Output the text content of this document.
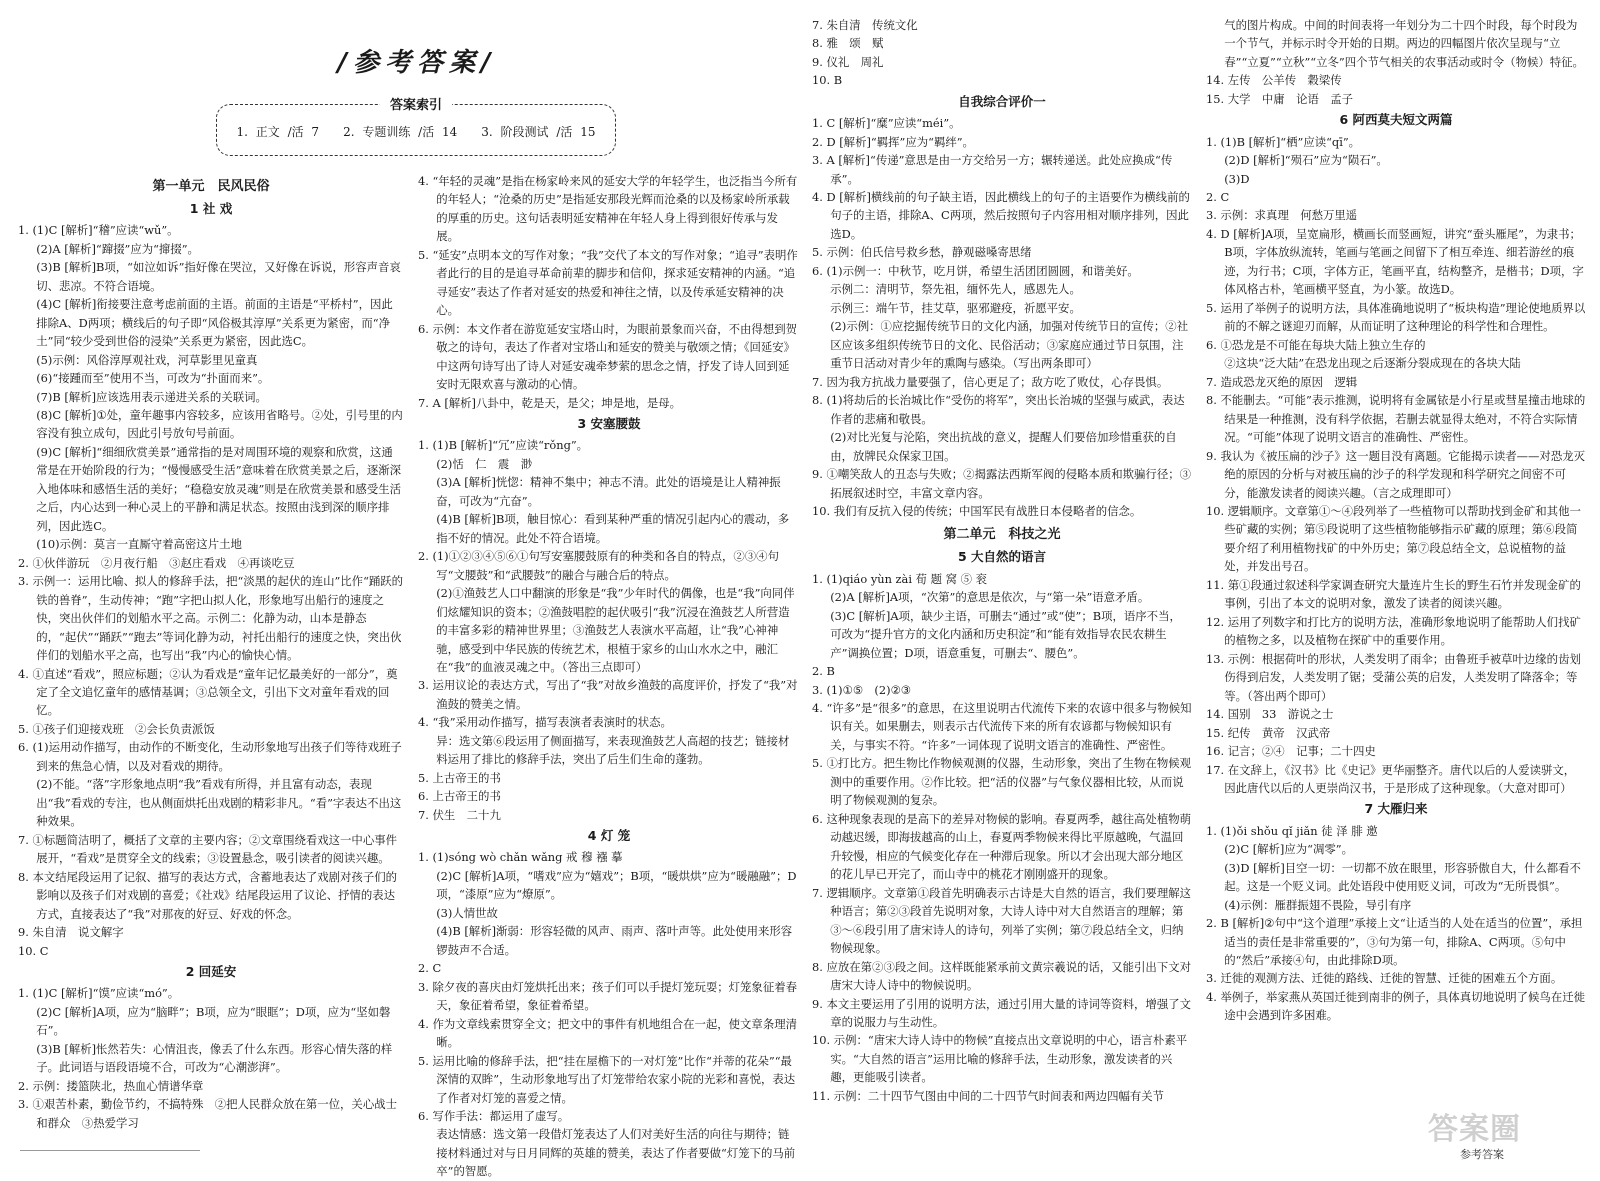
/参考答案/
答案索引
1. 正文 /活 7　　2. 专题训练 /活 14　　3. 阶段测试 /活 15
第一单元　民风民俗
1 社 戏
1. (1)C [解析]“稽”应读“wǔ”。
(2)A [解析]“蹿掇”应为“撺掇”。
(3)B [解析]B项，“如泣如诉”指好像在哭泣，又好像在诉说，形容声音哀切、悲凉。不符合语境。
(4)C [解析]衔接要注意考虑前面的主语。前面的主语是“平桥村”，因此排除A、D两项；横线后的句子即“风俗极其淳厚”关系更为紧密，而“净土”同“较少受到世俗的浸染”关系更为紧密，因此选C。
(5)示例：风俗淳厚观社戏，河草影里见童真
(6)“接踵而至”使用不当，可改为“扑面而来”。
(7)B [解析]应该选用表示递进关系的关联词。
(8)C [解析]①处，童年趣事内容较多，应该用省略号。②处，引号里的内容没有独立成句，因此引号放句号前面。
(9)C [解析]“细细欣赏美景”通常指的是对周围环境的观察和欣赏，这通常是在开始阶段的行为；“慢慢感受生活”意味着在欣赏美景之后，逐渐深入地体味和感悟生活的美好；“稳稳安放灵魂”则是在欣赏美景和感受生活之后，内心达到一种心灵上的平静和满足状态。按照由浅到深的顺序排列，因此选C。
(10)示例：莫言一直厮守着高密这片土地
2. ①伙伴游玩　②月夜行船　③赵庄看戏　④再谈吃豆
3. 示例一：运用比喻、拟人的修辞手法，把“淡黑的起伏的连山”比作“踊跃的铁的兽脊”，生动传神；“跑”字把山拟人化，形象地写出船行的速度之快，突出伙伴们的划船水平之高。示例二：化静为动，山本是静态的，“起伏”“踊跃”“跑去”等词化静为动，衬托出船行的速度之快，突出伙伴们的划船水平之高，也写出“我”内心的愉快心情。
4. ①直述“看戏”，照应标题；②认为看戏是“童年记忆最美好的一部分”，奠定了全文追忆童年的感情基调；③总领全文，引出下文对童年看戏的回忆。
5. ①孩子们迎接戏班　②会长负责派饭
6. (1)运用动作描写，由动作的不断变化，生动形象地写出孩子们等待戏班子到来的焦急心情，以及对看戏的期待。
(2)不能。“落”字形象地点明“我”看戏有所得，并且富有动态，表现出“我”看戏的专注，也从侧面烘托出戏剧的精彩非凡。“看”字表达不出这种效果。
7. ①标题简洁明了，概括了文章的主要内容；②文章围绕看戏这一中心事件展开，“看戏”是贯穿全文的线索；③设置悬念，吸引读者的阅读兴趣。
8. 本文结尾段运用了记叙、描写的表达方式，含蓄地表达了戏剧对孩子们的影响以及孩子们对戏剧的喜爱；《社戏》结尾段运用了议论、抒情的表达方式，直接表达了“我”对那夜的好豆、好戏的怀念。
9. 朱自清　说文解字
10. C
2 回延安
1. (1)C [解析]“馍”应读“mó”。
(2)C [解析]A项，应为“脑畔”；B项，应为“眼眶”；D项，应为“坚如磐石”。
(3)B [解析]怅然若失：心情沮丧，像丢了什么东西。形容心情失落的样子。此词语与语段语境不合，可改为“心潮澎湃”。
2. 示例：搂篮陕北，热血心情谱华章
3. ①艰苦朴素，勤俭节约，不搞特殊　②把人民群众放在第一位，关心战士和群众　③热爱学习
4. “年轻的灵魂”是指在杨家岭来风的延安大学的年轻学生，也泛指当今所有的年轻人；“沧桑的历史”是指延安那段光辉而沧桑的以及杨家岭所承载的厚重的历史。这句话表明延安精神在年轻人身上得到很好传承与发展。
5. “延安”点明本文的写作对象；“我”交代了本文的写作对象；“追寻”表明作者此行的目的是追寻革命前辈的脚步和信仰，探求延安精神的内涵。“追寻延安”表达了作者对延安的热爱和神往之情，以及传承延安精神的决心。
6. 示例：本文作者在游览延安宝塔山时，为眼前景象而兴奋，不由得想到贺敬之的诗句，表达了作者对宝塔山和延安的赞美与敬颂之情；《回延安》中这两句诗写出了诗人对延安魂牵梦萦的思念之情，抒发了诗人回到延安时无限欢喜与激动的心情。
7. A [解析]八卦中，乾是天，是父；坤是地，是母。
3 安塞腰鼓
1. (1)B [解析]“冗”应读“rǒng”。
(2)恬　仁　震　渺
(3)A [解析]恍惚：精神不集中；神志不清。此处的语境是让人精神振奋，可改为“亢奋”。
(4)B [解析]B项，触目惊心：看到某种严重的情况引起内心的震动，多指不好的情况。此处不符合语境。
2. (1)①②③④⑤⑥①句写安塞腰鼓原有的种类和各自的特点，②③④句写“文腰鼓”和“武腰鼓”的融合与融合后的特点。
(2)①渔鼓艺人口中翻演的形象是“我”少年时代的偶像，也是“我”向同伴们炫耀知识的资本；②渔鼓唱腔的起伏吸引“我”沉浸在渔鼓艺人所营造的丰富多彩的精神世界里；③渔鼓艺人表演水平高超，让“我”心神神驰，感受到中华民族的传统艺术，根植于家乡的山山水水之中，融汇在“我”的血液灵魂之中。（答出三点即可）
3. 运用议论的表达方式，写出了“我”对故乡渔鼓的高度评价，抒发了“我”对渔鼓的赞美之情。
4. “我”采用动作描写，描写表演者表演时的状态。
异：选文第⑥段运用了侧面描写，来表现渔鼓艺人高超的技艺；链接材料运用了排比的修辞手法，突出了后生们生命的蓬勃。
5. 上古帝王的书
6. 上古帝王的书
7. 伏生　二十九
4 灯 笼
1. (1)sóng wò chǎn wǎng 戒 穆 襁 摹
(2)C [解析]A项，“嗜戏”应为“嬉戏”；B项，“暖烘烘”应为“暖融融”；D项，“漆原”应为“燎原”。
(3)人情世故
(4)B [解析]渐弱：形容轻微的风声、雨声、落叶声等。此处使用来形容锣鼓声不合适。
2. C
3. 除夕夜的喜庆由灯笼烘托出来；孩子们可以手提灯笼玩耍；灯笼象征着春天，象征着希望，象征着希望。
4. 作为文章线索贯穿全文；把文中的事件有机地组合在一起，使文章条理清晰。
5. 运用比喻的修辞手法，把“挂在屋檐下的一对灯笼”比作“并蒂的花朵”“最深情的双眸”，生动形象地写出了灯笼带给农家小院的光彩和喜悦，表达了作者对灯笼的喜爱之情。
6. 写作手法：都运用了虚写。
表达情感：选文第一段借灯笼表达了人们对美好生活的向往与期待；链接材料通过对与日月同辉的英雄的赞美，表达了作者要做“灯笼下的马前卒”的智愿。
7. 朱自清　传统文化
8. 雅　颂　赋
9. 仪礼　周礼
10. B
自我综合评价一
1. C [解析]“糜”应读“méi”。
2. D [解析]“羁挥”应为“羁绊”。
3. A [解析]“传递”意思是由一方交给另一方；辗转递送。此处应换成“传承”。
4. D [解析]横线前的句子缺主语，因此横线上的句子的主语要作为横线前的句子的主语，排除A、C两项，然后按照句子内容用相对顺序排列，因此选D。
5. 示例：伯氏信号救乡愁，静观磁嗓寄思绪
6. (1)示例一：中秋节，吃月饼，希望生活团团圆圆，和谐美好。
示例二：清明节，祭先祖，缅怀先人，感恩先人。
示例三：端午节，挂艾草，驱邪避疫，祈愿平安。
(2)示例：①应挖掘传统节日的文化内涵，加强对传统节日的宣传；②社区应该多组织传统节日的文化、民俗活动；③家庭应通过节日氛围，注重节日活动对青少年的熏陶与感染。（写出两条即可）
7. 因为我方抗战力量要强了，信心更足了；敌方吃了败仗，心存畏惧。
8. (1)将劫后的长治城比作“受伤的将军”，突出长治城的坚强与威武，表达作者的悲痛和敬畏。
(2)对比光复与沦陷，突出抗战的意义，提醒人们要倍加珍惜重获的自由，放牌民众保家卫国。
9. ①嘲笑敌人的丑态与失败；②揭露法西斯军阀的侵略本质和欺骗行径；③拓展叙述时空，丰富文章内容。
10. 我们有反抗入侵的传统；中国军民有战胜日本侵略者的信念。
第二单元　科技之光
5 大自然的语言
1. (1)qiáo yùn zài 荀 题 窝 ⑤ 衮
(2)A [解析]A项，“次第”的意思是依次，与“第一朵”语意矛盾。
(3)C [解析]A项，缺少主语，可删去“通过”或“使”；B项，语序不当，可改为“提升官方的文化内涵和历史积淀”和“能有效指导农民农耕生产”调换位置；D项，语意重复，可删去“、腰色”。
2. B
3. (1)①⑤　(2)②③
4. “许多”是“很多”的意思，在这里说明古代流传下来的农谚中很多与物候知识有关。如果删去，则表示古代流传下来的所有农谚都与物候知识有关，与事实不符。“许多”一词体现了说明文语言的准确性、严密性。
5. ①打比方。把生物比作物候观测的仪器，生动形象，突出了生物在物候观测中的重要作用。②作比较。把“活的仪器”与气象仪器相比较，从而说明了物候观测的复杂。
6. 这种现象表现的是高下的差异对物候的影响。春夏两季，越往高处植物萌动越迟缓，即海拔越高的山上，春夏两季物候来得比平原越晚，气温回升较慢，相应的气候变化存在一种滞后现象。所以才会出现大部分地区的花儿早已开完了，而山寺中的桃花才刚刚盛开的现象。
7. 逻辑顺序。文章第①段首先明确表示古诗是大自然的语言，我们要理解这种语言；第②③段首先说明对象，大诗人诗中对大自然语言的理解；第③～⑥段引用了唐宋诗人的诗句，列举了实例；第⑦段总结全文，归纳物候现象。
8. 应放在第②③段之间。这样既能紧承前文黄宗羲说的话，又能引出下文对唐宋大诗人诗中的物候说明。
9. 本文主要运用了引用的说明方法，通过引用大量的诗词等资料，增强了文章的说服力与生动性。
10. 示例：“唐宋大诗人诗中的物候”直接点出文章说明的中心，语言朴素平实。“大自然的语言”运用比喻的修辞手法，生动形象，激发读者的兴趣，更能吸引读者。
11. 示例：二十四节气图由中间的二十四节气时间表和两边四幅有关节
气的图片构成。中间的时间表将一年划分为二十四个时段，每个时段为一个节气，并标示时令开始的日期。两边的四幅图片依次呈现与“立春”“立夏”“立秋”“立冬”四个节气相关的农事活动或时令（物候）特征。
14. 左传　公羊传　穀梁传
15. 大学　中庸　论语　孟子
6 阿西莫夫短文两篇
1. (1)B [解析]“栖”应读“qī”。
(2)D [解析]“殒石”应为“陨石”。
(3)D
2. C
3. 示例：求真理　何愁万里遥
4. D [解析]A项，呈宽扁形，横画长而竖画短，讲究“蚕头雁尾”，为隶书；B项，字体放纵流转，笔画与笔画之间留下了相互牵连、细若游丝的痕迹，为行书；C项，字体方正，笔画平直，结构整齐，是楷书；D项，字体风格古朴，笔画横平竖直，为小篆。故选D。
5. 运用了举例子的说明方法，具体准确地说明了“板块构造”理论使地质界以前的不解之谜迎刃而解，从而证明了这种理论的科学性和合理性。
6. ①恐龙是不可能在每块大陆上独立生存的
②这块“泛大陆”在恐龙出现之后逐渐分裂成现在的各块大陆
7. 造成恐龙灭绝的原因　逻辑
8. 不能删去。“可能”表示推测，说明将有金属铱是小行星或彗星撞击地球的结果是一种推测，没有科学依据，若删去就显得太绝对，不符合实际情况。“可能”体现了说明文语言的准确性、严密性。
9. 我认为《被压扁的沙子》这一题目没有离题。它能揭示读者——对恐龙灭绝的原因的分析与对被压扁的沙子的科学发现和科学研究之间密不可分，能激发读者的阅读兴趣。（言之成理即可）
10. 逻辑顺序。文章第①～④段列举了一些植物可以帮助找到金矿和其他一些矿藏的实例；第⑤段说明了这些植物能够指示矿藏的原理；第⑥段简要介绍了利用植物找矿的中外历史；第⑦段总结全文，总说植物的益处，并发出号召。
11. 第①段通过叙述科学家调查研究大量连片生长的野生石竹并发现金矿的事例，引出了本文的说明对象，激发了读者的阅读兴趣。
12. 运用了列数字和打比方的说明方法，准确形象地说明了能帮助人们找矿的植物之多，以及植物在探矿中的重要作用。
13. 示例：根据荷叶的形状，人类发明了雨伞；由鲁班手被草叶边缘的齿划伤得到启发，人类发明了锯；受蒲公英的启发，人类发明了降落伞；等等。（答出两个即可）
14. 国别　33　游说之士
15. 纪传　黄帝　汉武帝
16. 记言；②④　记事；二十四史
17. 在文辞上，《汉书》比《史记》更华丽整齐。唐代以后的人爱读骈文，因此唐代以后的人更崇尚汉书，于是形成了这种现象。（大意对即可）
7 大雁归来
1. (1)ǒi shǒu qǐ jiǎn 徒 泽 腓 邀
(2)C [解析]应为“凋零”。
(3)D [解析]目空一切：一切都不放在眼里，形容骄傲自大，什么都看不起。这是一个贬义词。此处语段中使用贬义词，可改为“无所畏惧”。
(4)示例：雁群振翅不畏险，导引有序
2. B [解析]②句中“这个道理”承接上文“让适当的人处在适当的位置”，承担适当的责任是非常重要的”，③句为第一句，排除A、C两项。⑤句中的“然后”承接④句，由此排除D项。
3. 迁徙的观测方法、迁徙的路线、迁徙的智慧、迁徙的困难五个方面。
4. 举例子，举家燕从英国迁徙到南非的例子，具体真切地说明了候鸟在迁徙途中会遇到许多困难。
答案圈
参考答案
